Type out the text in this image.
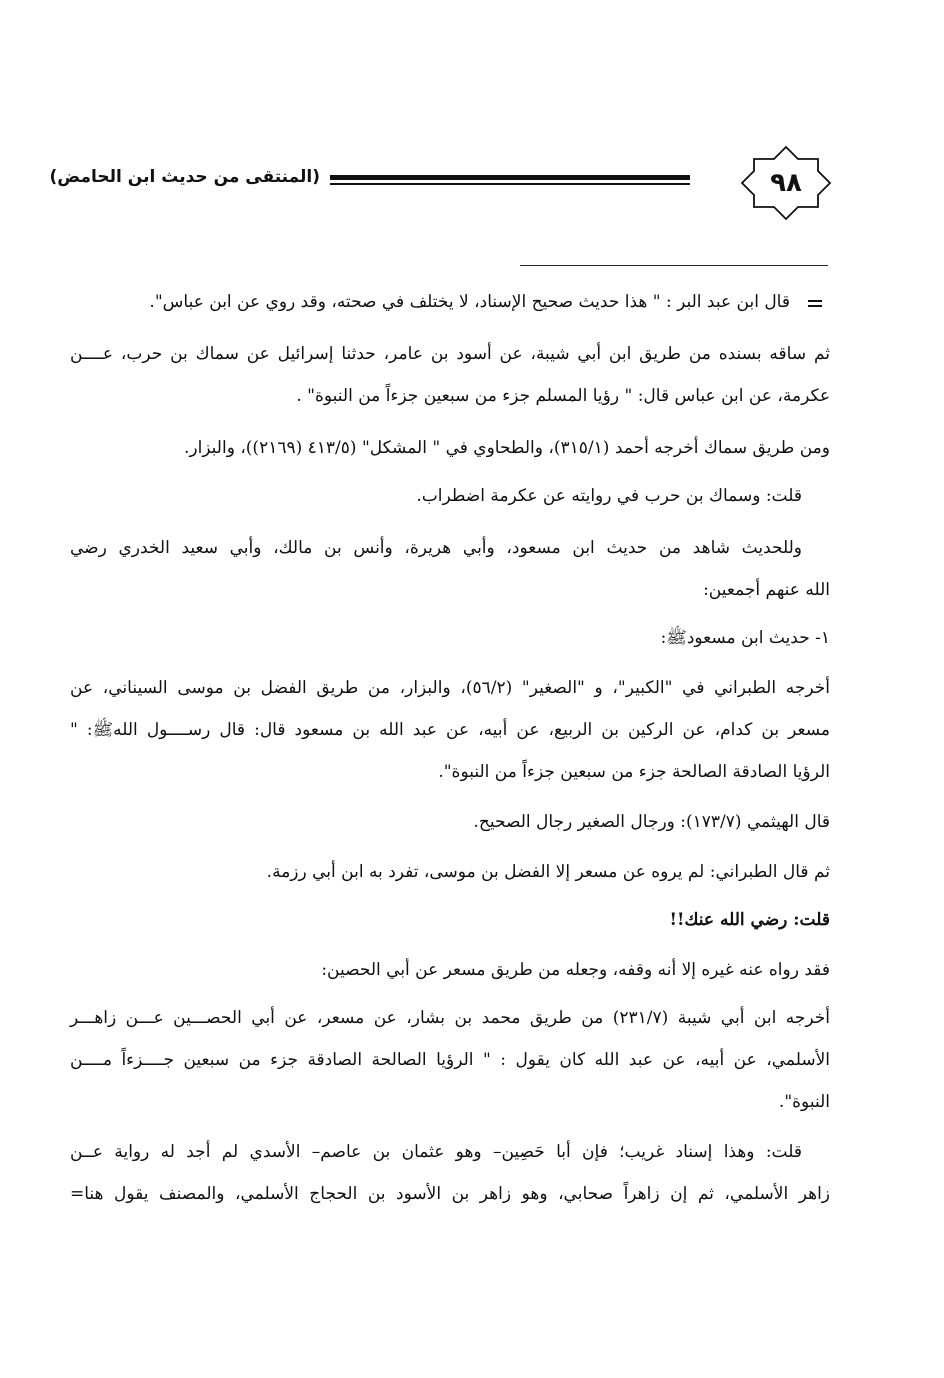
٩٨
(المنتقى من حديث ابن الحامض)
قال ابن عبد البر : " هذا حديث صحيح الإسناد، لا يختلف في صحته، وقد روي عن ابن عباس".
ثم ساقه بسنده من طريق ابن أبي شيبة، عن أسود بن عامر، حدثنا إسرائيل عن سماك بن حرب، عــــن
عكرمة، عن ابن عباس قال: " رؤيا المسلم جزء من سبعين جزءاً من النبوة" .
ومن طريق سماك أخرجه أحمد (٣١٥/١)، والطحاوي في " المشكل" (٤١٣/٥ (٢١٦٩))، والبزار.
قلت: وسماك بن حرب في روايته عن عكرمة اضطراب.
وللحديث شاهد من حديث ابن مسعود، وأبي هريرة، وأنس بن مالك، وأبي سعيد الخدري رضي
الله عنهم أجمعين:
١- حديث ابن مسعودﷺ:
أخرجه الطبراني في "الكبير"، و "الصغير" (٥٦/٢)، والبزار، من طريق الفضل بن موسى السيناني، عن
مسعر بن كدام، عن الركين بن الربيع، عن أبيه، عن عبد الله بن مسعود قال: قال رســــول اللهﷺ: "
الرؤيا الصادقة الصالحة جزء من سبعين جزءاً من النبوة".
قال الهيثمي (١٧٣/٧): ورجال الصغير رجال الصحيح.
ثم قال الطبراني: لم يروه عن مسعر إلا الفضل بن موسى، تفرد به ابن أبي رزمة.
قلت: رضي الله عنك!!
فقد رواه عنه غيره إلا أنه وقفه، وجعله من طريق مسعر عن أبي الحصين:
أخرجه ابن أبي شيبة (٢٣١/٧) من طريق محمد بن بشار، عن مسعر، عن أبي الحصـــين عـــن زاهـــر
الأسلمي، عن أبيه، عن عبد الله كان يقول : " الرؤيا الصالحة الصادقة جزء من سبعين جــــزءاً مــــن
النبوة".
قلت: وهذا إسناد غريب؛ فإن أبا حَصِين– وهو عثمان بن عاصم– الأسدي لم أجد له رواية عــن
زاهر الأسلمي، ثم إن زاهراً صحابي، وهو زاهر بن الأسود بن الحجاج الأسلمي، والمصنف يقول هنا=
